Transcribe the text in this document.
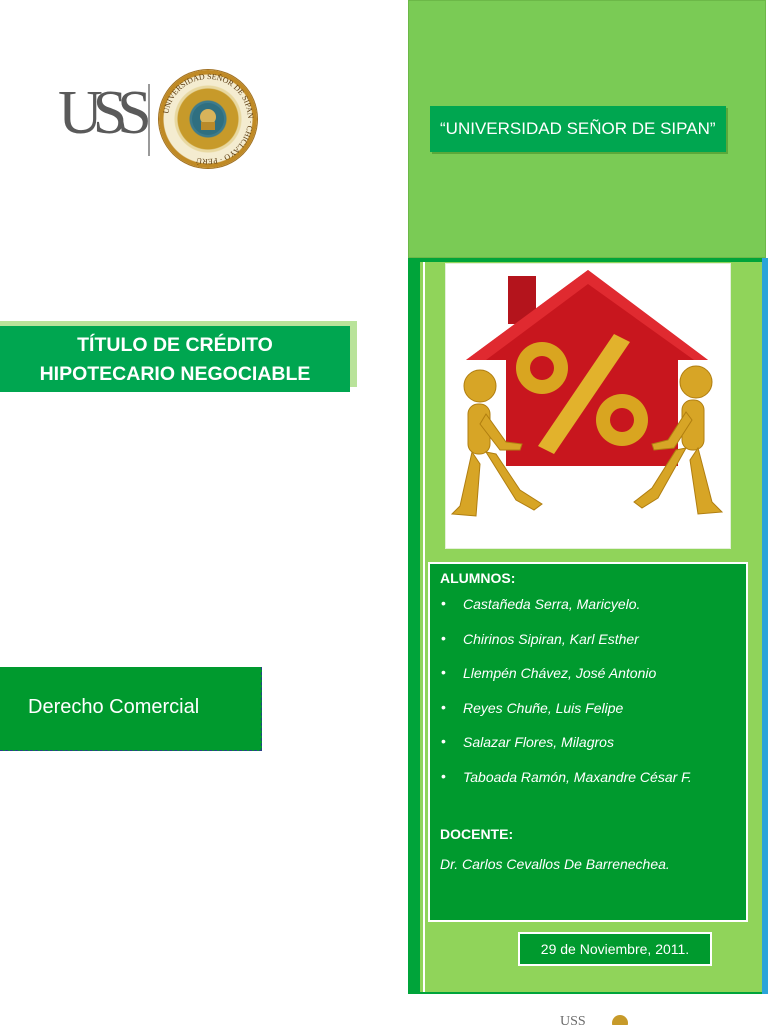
USS UNIVERSIDAD SEÑOR DE SIPAN · CHICLAYO · PERÚ
TÍTULO DE CRÉDITO
HIPOTECARIO NEGOCIABLE
Derecho Comercial
“UNIVERSIDAD SEÑOR DE SIPAN”

ALUMNOS:

• Castañeda Serra, Maricyelo.
• Chirinos Sipiran, Karl Esther
• Llempén Chávez, José Antonio
• Reyes Chuñe, Luis Felipe
• Salazar Flores, Milagros
• Taboada Ramón, Maxandre César F.

DOCENTE:

Dr. Carlos Cevallos De Barrenechea.
29 de Noviembre, 2011.
USS
